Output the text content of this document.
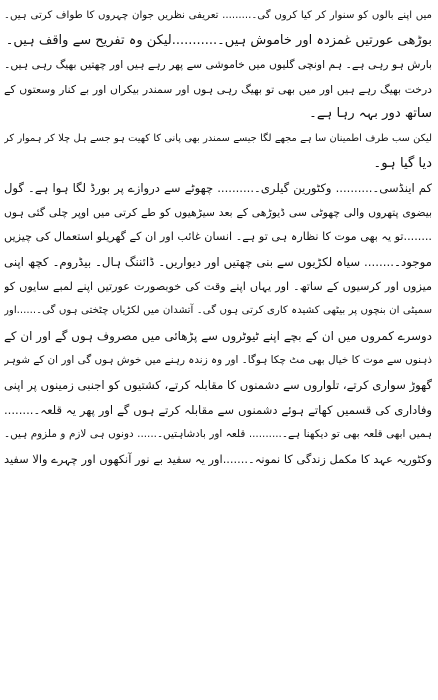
میں اپنے بالوں کو سنوار کر کیا کروں گی۔......... تعریفی نظریں جوان چہروں کا طواف کرتی ہیں۔
بوڑھی عورتیں غمزدہ اور خاموش ہیں۔...........لیکن وہ تفریح سے واقف ہیں۔
بارش ہو رہی ہے۔ ہم اونچی گلیوں میں خاموشی سے پھر رہے ہیں اور چھتیں بھیگ رہی ہیں۔
درخت بھیگ رہے ہیں اور میں بھی تو بھیگ رہی ہوں اور سمندر بیکراں اور بے کنار وسعتوں کے
ساتھ دور بہہ رہا ہے۔
لیکن سب طرف اطمینان سا ہے مجھے لگا جیسے سمندر بھی پانی کا کھیت ہو جسے ہل چلا کر ہموار کر
دیا گیا ہو۔
کم اینڈسی۔.......... وکٹورین گیلری۔.......... چھوٹے سے دروازے پر بورڈ لگا ہوا ہے۔ گول
بیضوی پتھروں والی چھوٹی سی ڈیوڑھی کے بعد سیڑھیوں کو طے کرتی میں اوپر چلی گئی ہوں
........تو یہ بھی موت کا نظارہ ہی تو ہے۔ انسان غائب اور ان کے گھریلو استعمال کی چیزیں
موجود۔........ سیاہ لکڑیوں سے بنی چھتیں اور دیواریں۔ ڈائننگ ہال۔ بیڈروم۔ کچھ اپنی
میزوں اور کرسیوں کے ساتھ۔ اور یہاں اپنے وقت کی خوبصورت عورتیں اپنے لمبے سایوں کو
سمیٹی ان بنچوں پر بیٹھی کشیدہ کاری کرتی ہوں گی۔ آتشدان میں لکڑیاں چٹختی ہوں گی۔......اور
دوسرے کمروں میں ان کے بچے اپنے ٹیوٹروں سے پڑھائی میں مصروف ہوں گے اور ان کے
ذہنوں سے موت کا خیال بھی مٹ چکا ہوگا۔ اور وہ زندہ رہنے میں خوش ہوں گی اور ان کے شوہر
گھوڑ سواری کرتے، تلواروں سے دشمنوں کا مقابلہ کرتے، کشتیوں کو اجنبی زمینوں پر اپنی
وفاداری کی قسمیں کھاتے ہوئے دشمنوں سے مقابلہ کرتے ہوں گے اور پھر یہ قلعہ۔........
ہمیں ابھی قلعہ بھی تو دیکھنا ہے۔.......... قلعہ اور بادشاہتیں۔...... دونوں ہی لازم و ملزوم ہیں۔
وکٹوریہ عہد کا مکمل زندگی کا نمونہ۔.......اور یہ سفید بے نور آنکھوں اور چہرے والا سفید
